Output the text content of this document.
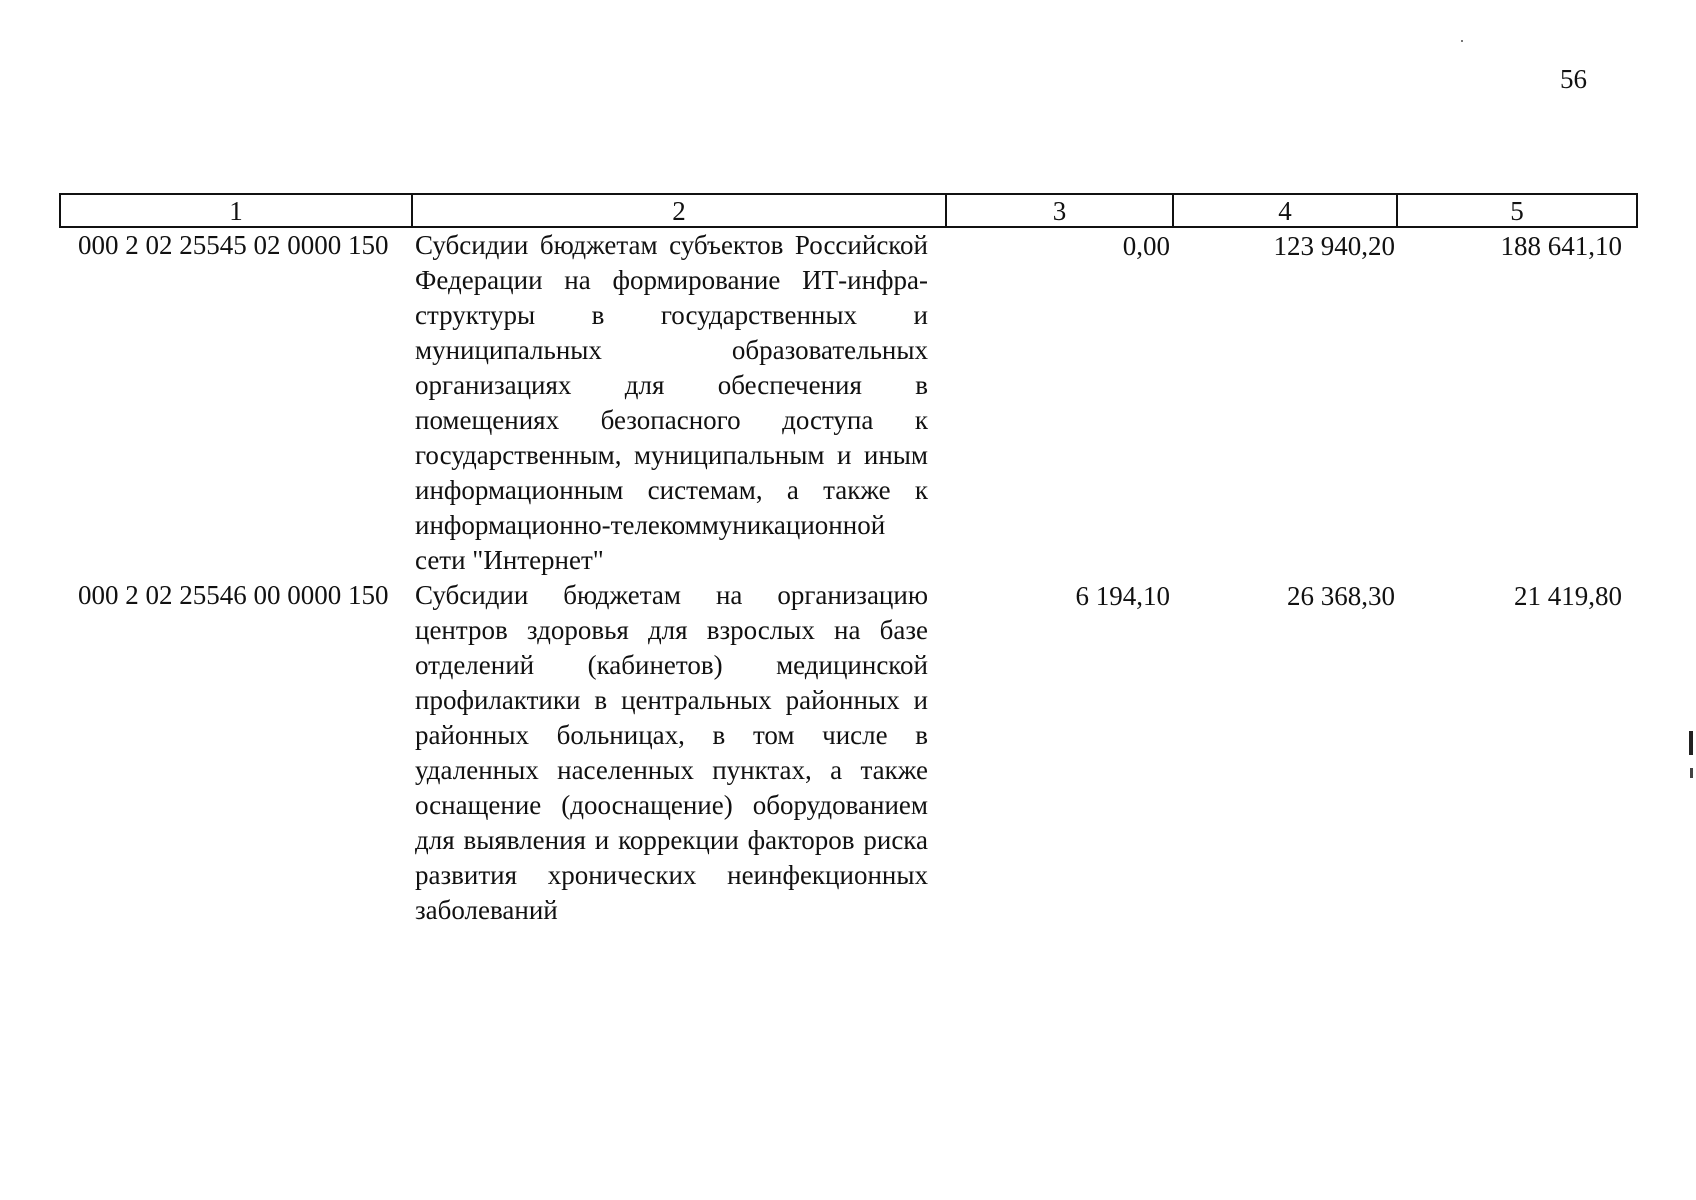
56
1	2	3	4	5
000 2 02 25545 02 0000 150	Субсидии бюджетам субъектов Российской Федерации на формирование ИТ-инфра-структуры в государственных и муниципальных образовательных организациях для обеспечения в помещениях безопасного доступа к государственным, муниципальным и иным информационным системам, а также к информационно-телекоммуникационной сети "Интернет"	0,00	123 940,20	188 641,10
000 2 02 25546 00 0000 150	Субсидии бюджетам на организацию центров здоровья для взрослых на базе отделений (кабинетов) медицинской профилактики в центральных районных и районных больницах, в том числе в удаленных населенных пунктах, а также оснащение (дооснащение) оборудованием для выявления и коррекции факторов риска развития хронических неинфекционных заболеваний	6 194,10	26 368,30	21 419,80
